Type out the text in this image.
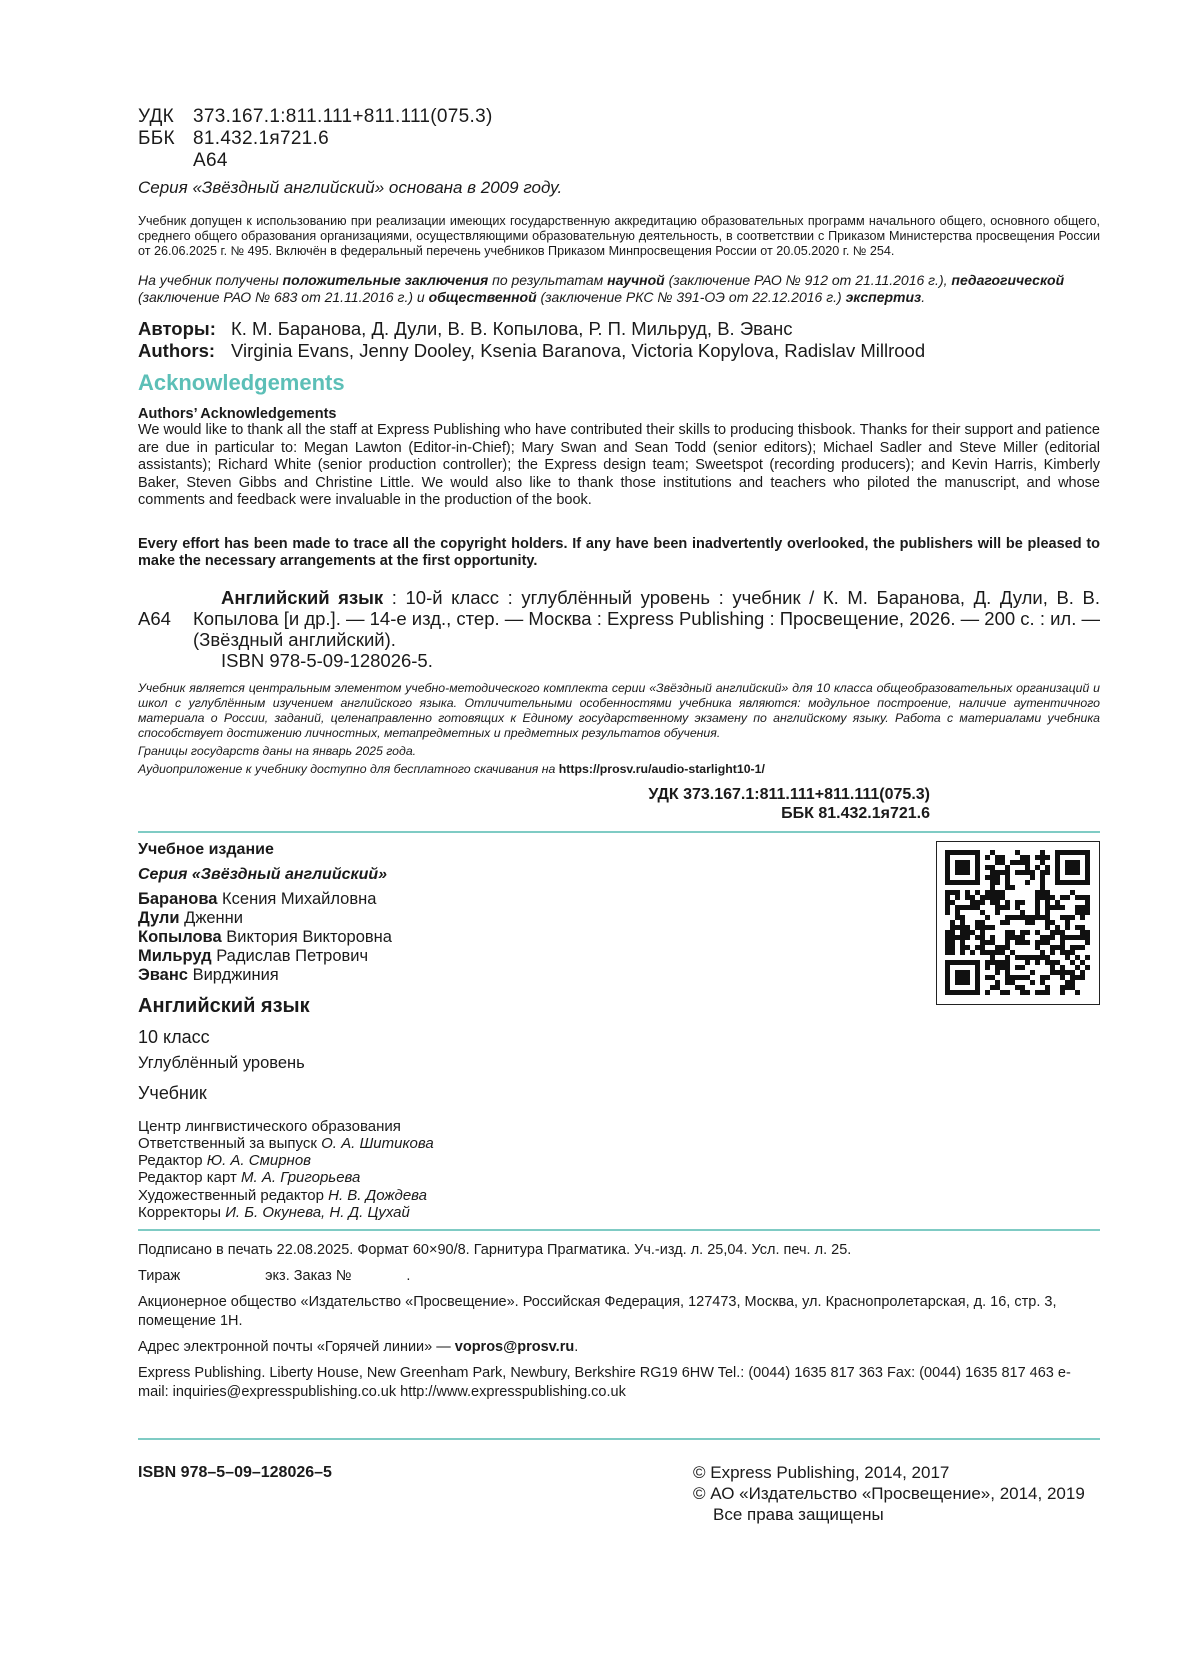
УДК 373.167.1:811.111+811.111(075.3)
ББК 81.432.1я721.6
А64
Серия «Звёздный английский» основана в 2009 году.
Учебник допущен к использованию при реализации имеющих государственную аккредитацию образовательных программ начального общего, основного общего, среднего общего образования организациями, осуществляющими образовательную деятельность, в соответствии с Приказом Министерства просвещения России от 26.06.2025 г. № 495. Включён в федеральный перечень учебников Приказом Минпросвещения России от 20.05.2020 г. № 254.
На учебник получены положительные заключения по результатам научной (заключение РАО № 912 от 21.11.2016 г.), педагогической (заключение РАО № 683 от 21.11.2016 г.) и общественной (заключение РКС № 391-ОЭ от 22.12.2016 г.) экспертиз.
Авторы: К. М. Баранова, Д. Дули, В. В. Копылова, Р. П. Мильруд, В. Эванс
Authors: Virginia Evans, Jenny Dooley, Ksenia Baranova, Victoria Kopylova, Radislav Millrood
Acknowledgements
Authors’ Acknowledgements
We would like to thank all the staff at Express Publishing who have contributed their skills to producing thisbook. Thanks for their support and patience are due in particular to: Megan Lawton (Editor-in-Chief); Mary Swan and Sean Todd (senior editors); Michael Sadler and Steve Miller (editorial assistants); Richard White (senior production controller); the Express design team; Sweetspot (recording producers); and Kevin Harris, Kimberly Baker, Steven Gibbs and Christine Little. We would also like to thank those institutions and teachers who piloted the manuscript, and whose comments and feedback were invaluable in the production of the book.
Every effort has been made to trace all the copyright holders. If any have been inadvertently overlooked, the publishers will be pleased to make the necessary arrangements at the first opportunity.
А64
Английский язык : 10-й класс : углублённый уровень : учебник / К. М. Баранова, Д. Дули, В. В. Копылова [и др.]. — 14-е изд., стер. — Москва : Express Publishing : Просвещение, 2026. — 200 с. : ил. — (Звёздный английский).
ISBN 978-5-09-128026-5.

Учебник является центральным элементом учебно-методического комплекта серии «Звёздный английский» для 10 класса общеобразовательных организаций и школ с углублённым изучением английского языка. Отличительными особенностями учебника являются: модульное построение, наличие аутентичного материала о России, заданий, целенаправленно готовящих к Единому государственному экзамену по английскому языку. Работа с материалами учебника способствует достижению личностных, метапредметных и предметных результатов обучения.

Границы государств даны на январь 2025 года.

Аудиоприложение к учебнику доступно для бесплатного скачивания на https://prosv.ru/audio-starlight10-1/

УДК 373.167.1:811.111+811.111(075.3)
ББК 81.432.1я721.6
Учебное издание
Серия «Звёздный английский»
Баранова Ксения Михайловна
Дули Дженни
Копылова Виктория Викторовна
Мильруд Радислав Петрович
Эванс Вирджиния
Английский язык
10 класс
Углублённый уровень
Учебник
Центр лингвистического образования
Ответственный за выпуск О. А. Шитикова
Редактор Ю. А. Смирнов
Редактор карт М. А. Григорьева
Художественный редактор Н. В. Дождева
Корректоры И. Б. Окунева, Н. Д. Цухай

Подписано в печать 22.08.2025. Формат 60×90/8. Гарнитура Прагматика. Уч.-изд. л. 25,04. Усл. печ. л. 25.

Тираж	экз. Заказ №	.

Акционерное общество «Издательство «Просвещение». Российская Федерация, 127473, Москва, ул. Краснопролетарская, д. 16, стр. 3, помещение 1Н.

Адрес электронной почты «Горячей линии» — vopros@prosv.ru.

Express Publishing. Liberty House, New Greenham Park, Newbury, Berkshire RG19 6HW Tel.: (0044) 1635 817 363 Fax: (0044) 1635 817 463 e-mail: inquiries@expresspublishing.co.uk http://www.expresspublishing.co.uk

ISBN 978–5–09–128026–5	© Express Publishing, 2014, 2017
© АО «Издательство «Просвещение», 2014, 2019
Все права защищены
